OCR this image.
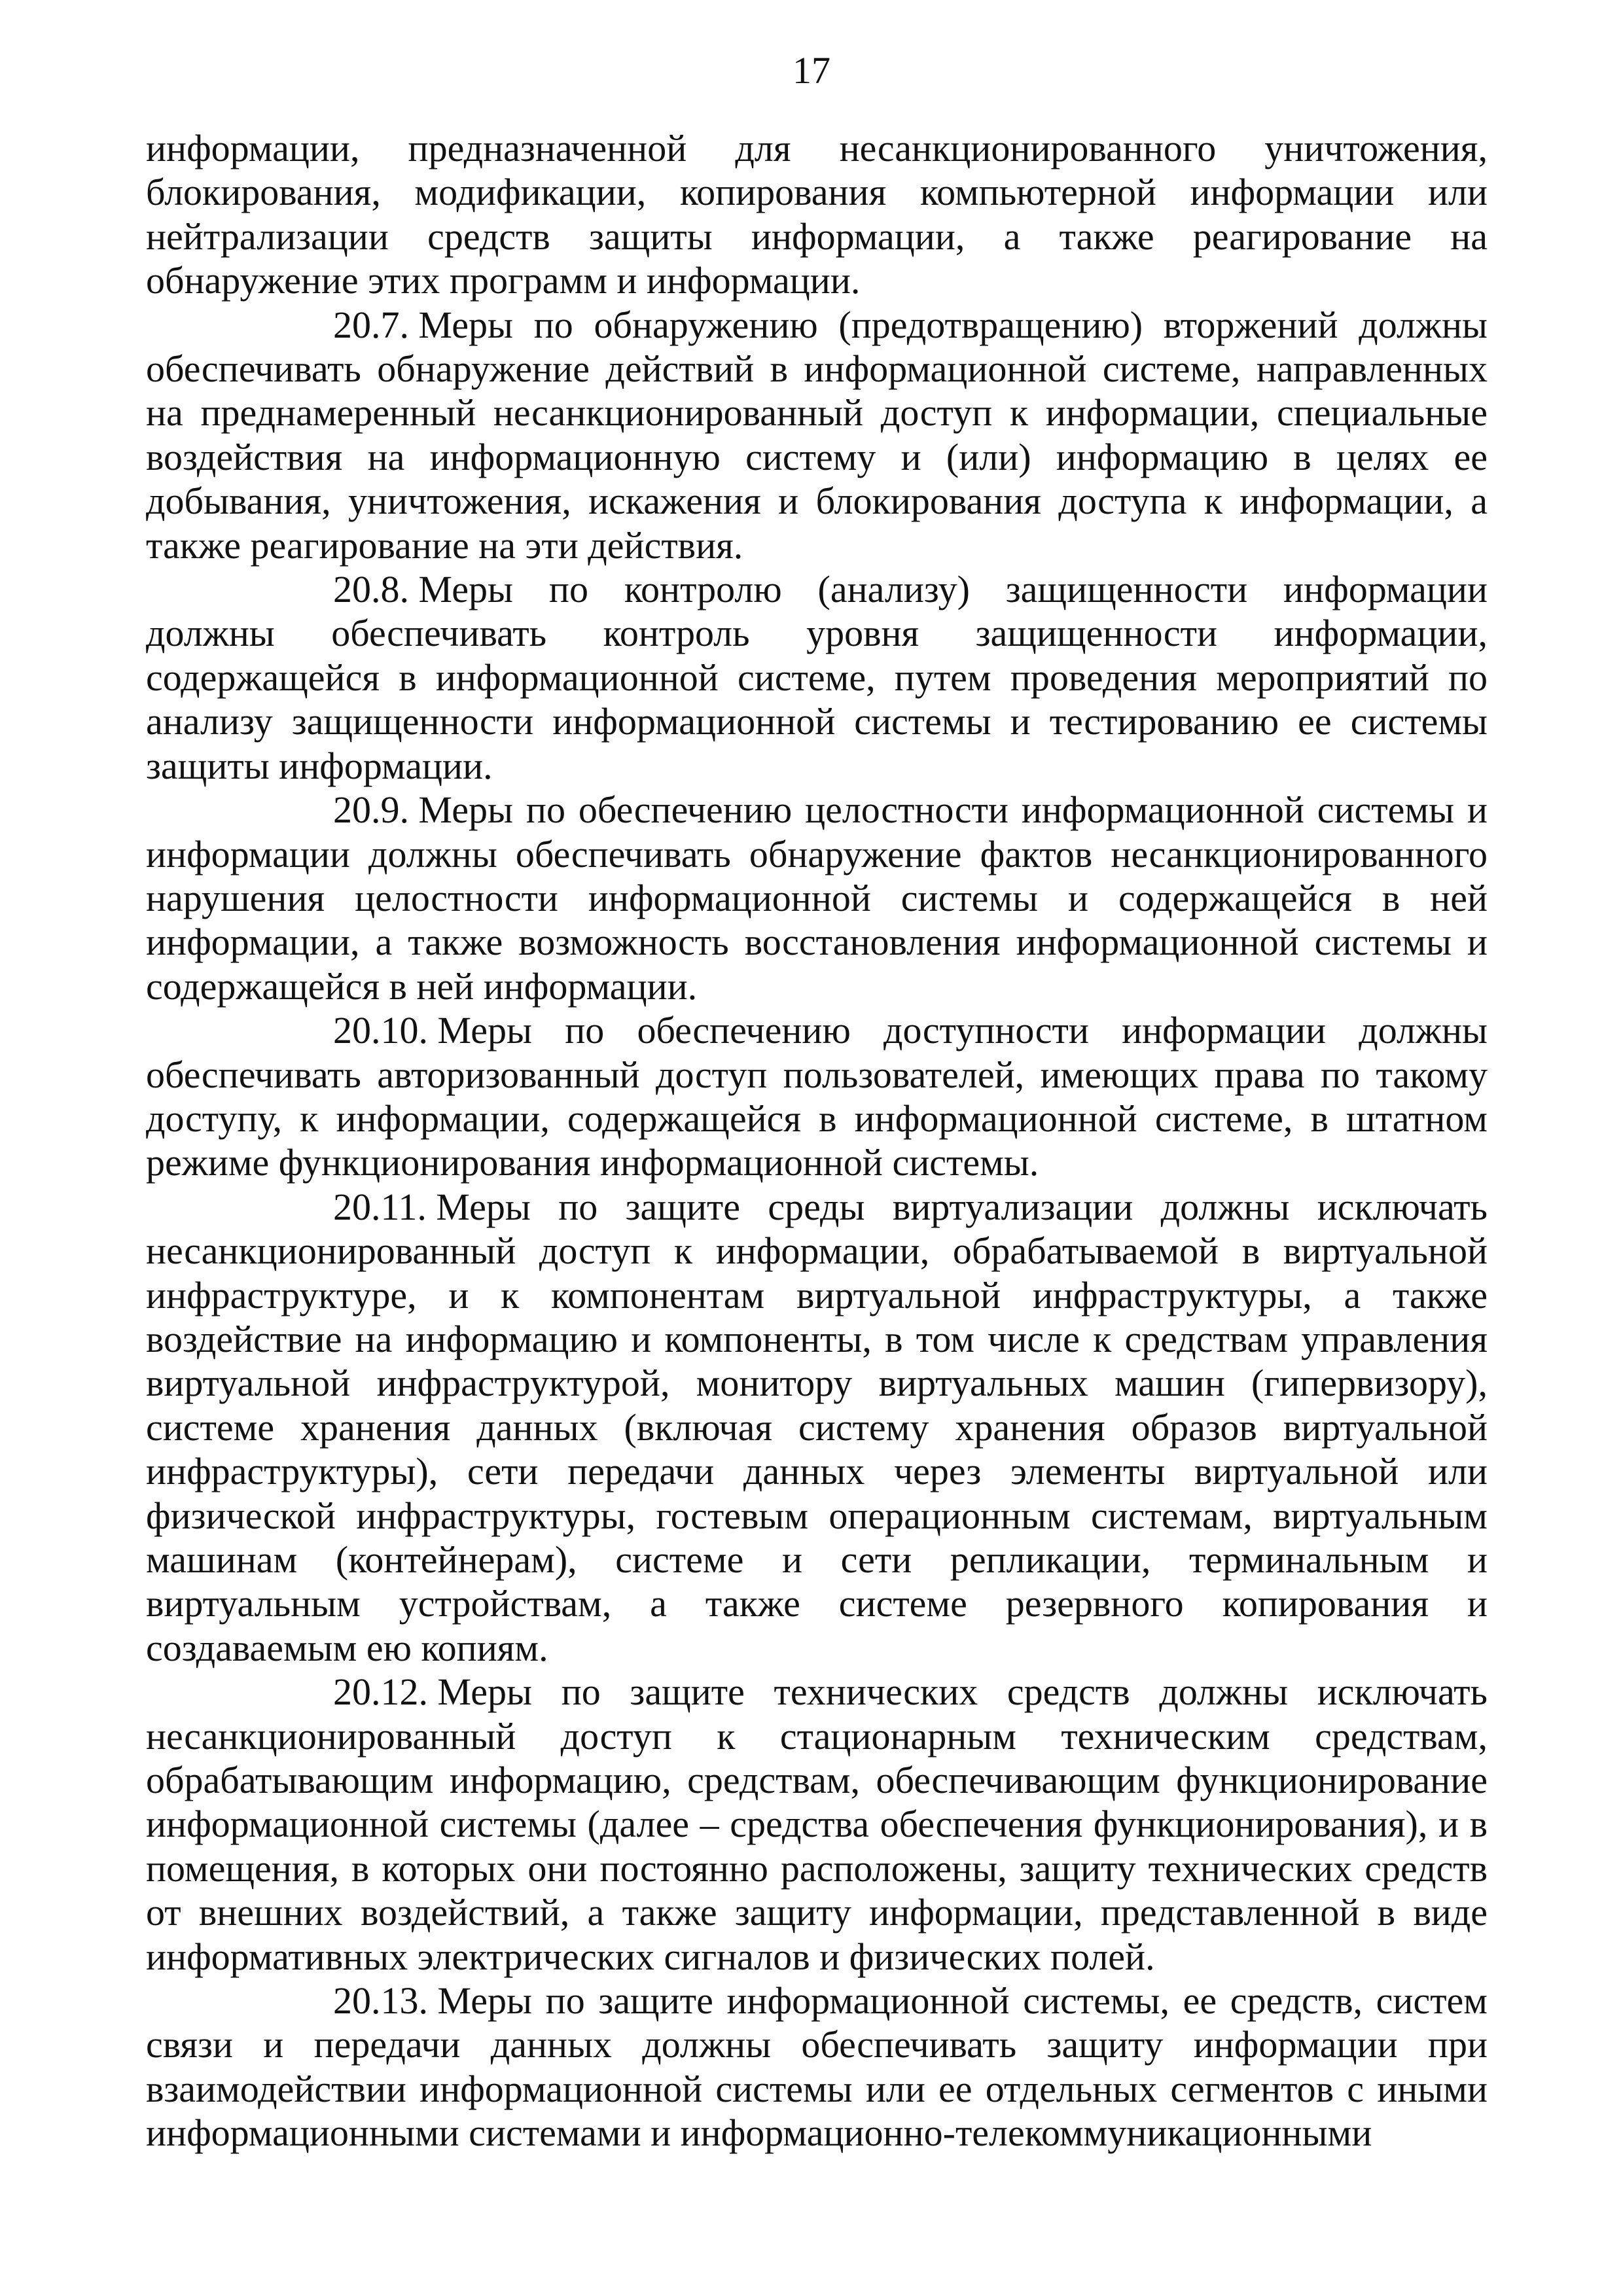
17

информации, предназначенной для несанкционированного уничтожения, блокирования, модификации, копирования компьютерной информации или нейтрализации средств защиты информации, а также реагирование на обнаружение этих программ и информации.

20.7. Меры по обнаружению (предотвращению) вторжений должны обеспечивать обнаружение действий в информационной системе, направленных на преднамеренный несанкционированный доступ к информации, специальные воздействия на информационную систему и (или) информацию в целях ее добывания, уничтожения, искажения и блокирования доступа к информации, а также реагирование на эти действия.

20.8. Меры по контролю (анализу) защищенности информации должны обеспечивать контроль уровня защищенности информации, содержащейся в информационной системе, путем проведения мероприятий по анализу защищенности информационной системы и тестированию ее системы защиты информации.

20.9. Меры по обеспечению целостности информационной системы и информации должны обеспечивать обнаружение фактов несанкционированного нарушения целостности информационной системы и содержащейся в ней информации, а также возможность восстановления информационной системы и содержащейся в ней информации.

20.10. Меры по обеспечению доступности информации должны обеспечивать авторизованный доступ пользователей, имеющих права по такому доступу, к информации, содержащейся в информационной системе, в штатном режиме функционирования информационной системы.

20.11. Меры по защите среды виртуализации должны исключать несанкционированный доступ к информации, обрабатываемой в виртуальной инфраструктуре, и к компонентам виртуальной инфраструктуры, а также воздействие на информацию и компоненты, в том числе к средствам управления виртуальной инфраструктурой, монитору виртуальных машин (гипервизору), системе хранения данных (включая систему хранения образов виртуальной инфраструктуры), сети передачи данных через элементы виртуальной или физической инфраструктуры, гостевым операционным системам, виртуальным машинам (контейнерам), системе и сети репликации, терминальным и виртуальным устройствам, а также системе резервного копирования и создаваемым ею копиям.

20.12. Меры по защите технических средств должны исключать несанкционированный доступ к стационарным техническим средствам, обрабатывающим информацию, средствам, обеспечивающим функционирование информационной системы (далее – средства обеспечения функционирования), и в помещения, в которых они постоянно расположены, защиту технических средств от внешних воздействий, а также защиту информации, представленной в виде информативных электрических сигналов и физических полей.

20.13. Меры по защите информационной системы, ее средств, систем связи и передачи данных должны обеспечивать защиту информации при взаимодействии информационной системы или ее отдельных сегментов с иными информационными системами и информационно-телекоммуникационными
